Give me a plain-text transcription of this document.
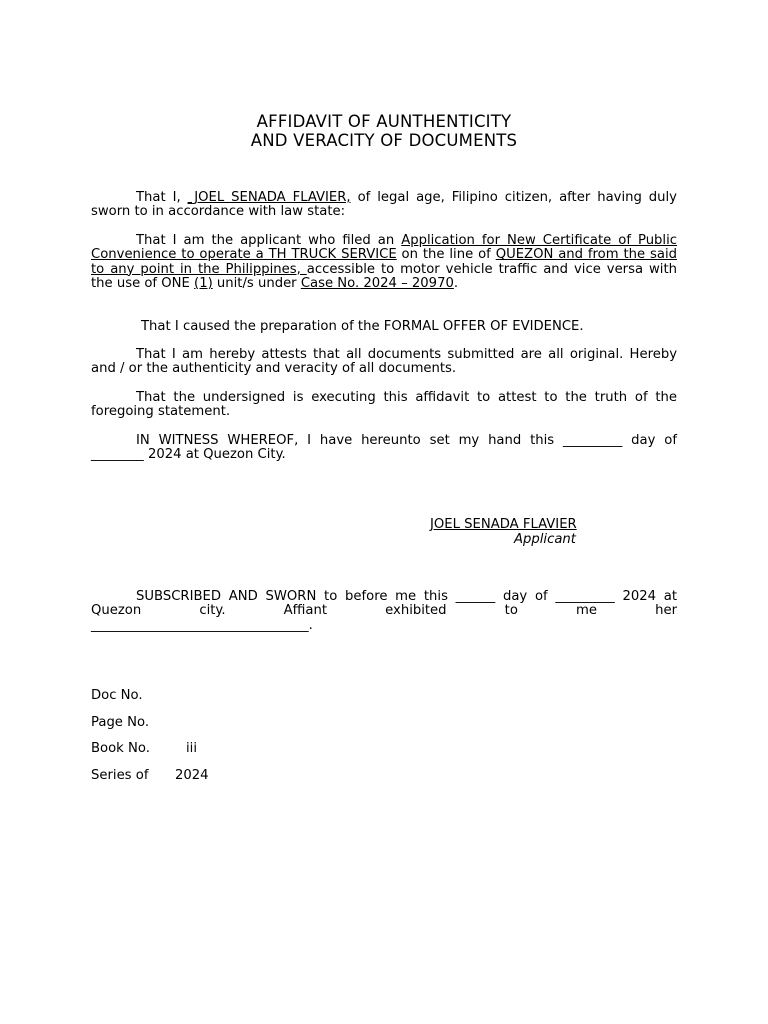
AFFIDAVIT OF AUNTHENTICITY
AND VERACITY OF DOCUMENTS
That I, _JOEL SENADA FLAVIER, of legal age, Filipino citizen, after having duly sworn to in accordance with law state:
That I am the applicant who filed an Application for New Certificate of Public Convenience to operate a TH TRUCK SERVICE on the line of QUEZON and from the said to any point in the Philippines, accessible to motor vehicle traffic and vice versa with the use of ONE (1) unit/s under Case No. 2024 – 20970.
That I caused the preparation of the FORMAL OFFER OF EVIDENCE.
That I am hereby attests that all documents submitted are all original. Hereby and / or the authenticity and veracity of all documents.
That the undersigned is executing this affidavit to attest to the truth of the foregoing statement.
IN WITNESS WHEREOF, I have hereunto set my hand this _________ day of ________ 2024 at Quezon City.
JOEL SENADA FLAVIER
Applicant
SUBSCRIBED AND SWORN to before me this ______ day of _________ 2024 at Quezon city. Affiant exhibited to me her
_________________________________.
Doc No.
Page No.
Book No.	iii
Series of 2024
